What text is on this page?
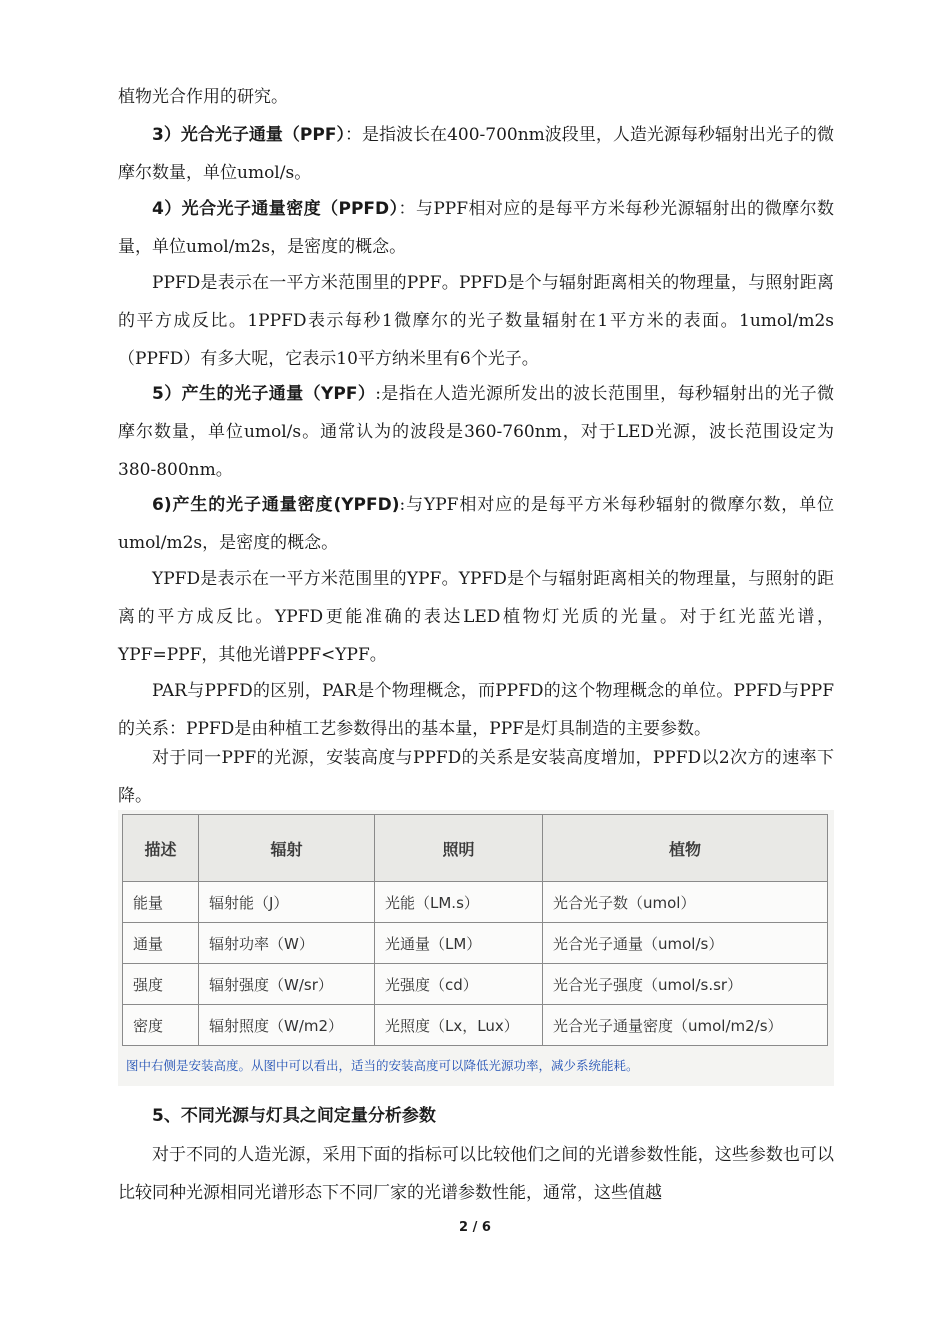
植物光合作用的研究。

3）光合光子通量（PPF）：是指波长在400-700nm波段里，人造光源每秒辐射出光子的微摩尔数量，单位umol/s。

4）光合光子通量密度（PPFD）：与PPF相对应的是每平方米每秒光源辐射出的微摩尔数量，单位umol/m2s，是密度的概念。

PPFD是表示在一平方米范围里的PPF。PPFD是个与辐射距离相关的物理量，与照射距离的平方成反比。1PPFD表示每秒1微摩尔的光子数量辐射在1平方米的表面。1umol/m2s（PPFD）有多大呢，它表示10平方纳米里有6个光子。

5）产生的光子通量（YPF）:是指在人造光源所发出的波长范围里，每秒辐射出的光子微摩尔数量，单位umol/s。通常认为的波段是360-760nm，对于LED光源，波长范围设定为380-800nm。

6)产生的光子通量密度(YPFD):与YPF相对应的是每平方米每秒辐射的微摩尔数，单位umol/m2s，是密度的概念。

YPFD是表示在一平方米范围里的YPF。YPFD是个与辐射距离相关的物理量，与照射的距离的平方成反比。YPFD更能准确的表达LED植物灯光质的光量。对于红光蓝光谱，YPF=PPF，其他光谱PPF<YPF。

PAR与PPFD的区别，PAR是个物理概念，而PPFD的这个物理概念的单位。PPFD与PPF的关系：PPFD是由种植工艺参数得出的基本量，PPF是灯具制造的主要参数。

对于同一PPF的光源，安装高度与PPFD的关系是安装高度增加，PPFD以2次方的速率下降。

描述	辐射	照明	植物
能量	辐射能（J）	光能（LM.s）	光合光子数（umol）
通量	辐射功率（W）	光通量（LM）	光合光子通量（umol/s）
强度	辐射强度（W/sr）	光强度（cd）	光合光子强度（umol/s.sr）
密度	辐射照度（W/m2）	光照度（Lx，Lux）	光合光子通量密度（umol/m2/s）
图中右侧是安装高度。从图中可以看出，适当的安装高度可以降低光源功率，减少系统能耗。
5、不同光源与灯具之间定量分析参数

对于不同的人造光源，采用下面的指标可以比较他们之间的光谱参数性能，这些参数也可以比较同种光源相同光谱形态下不同厂家的光谱参数性能，通常，这些值越

2 / 6
